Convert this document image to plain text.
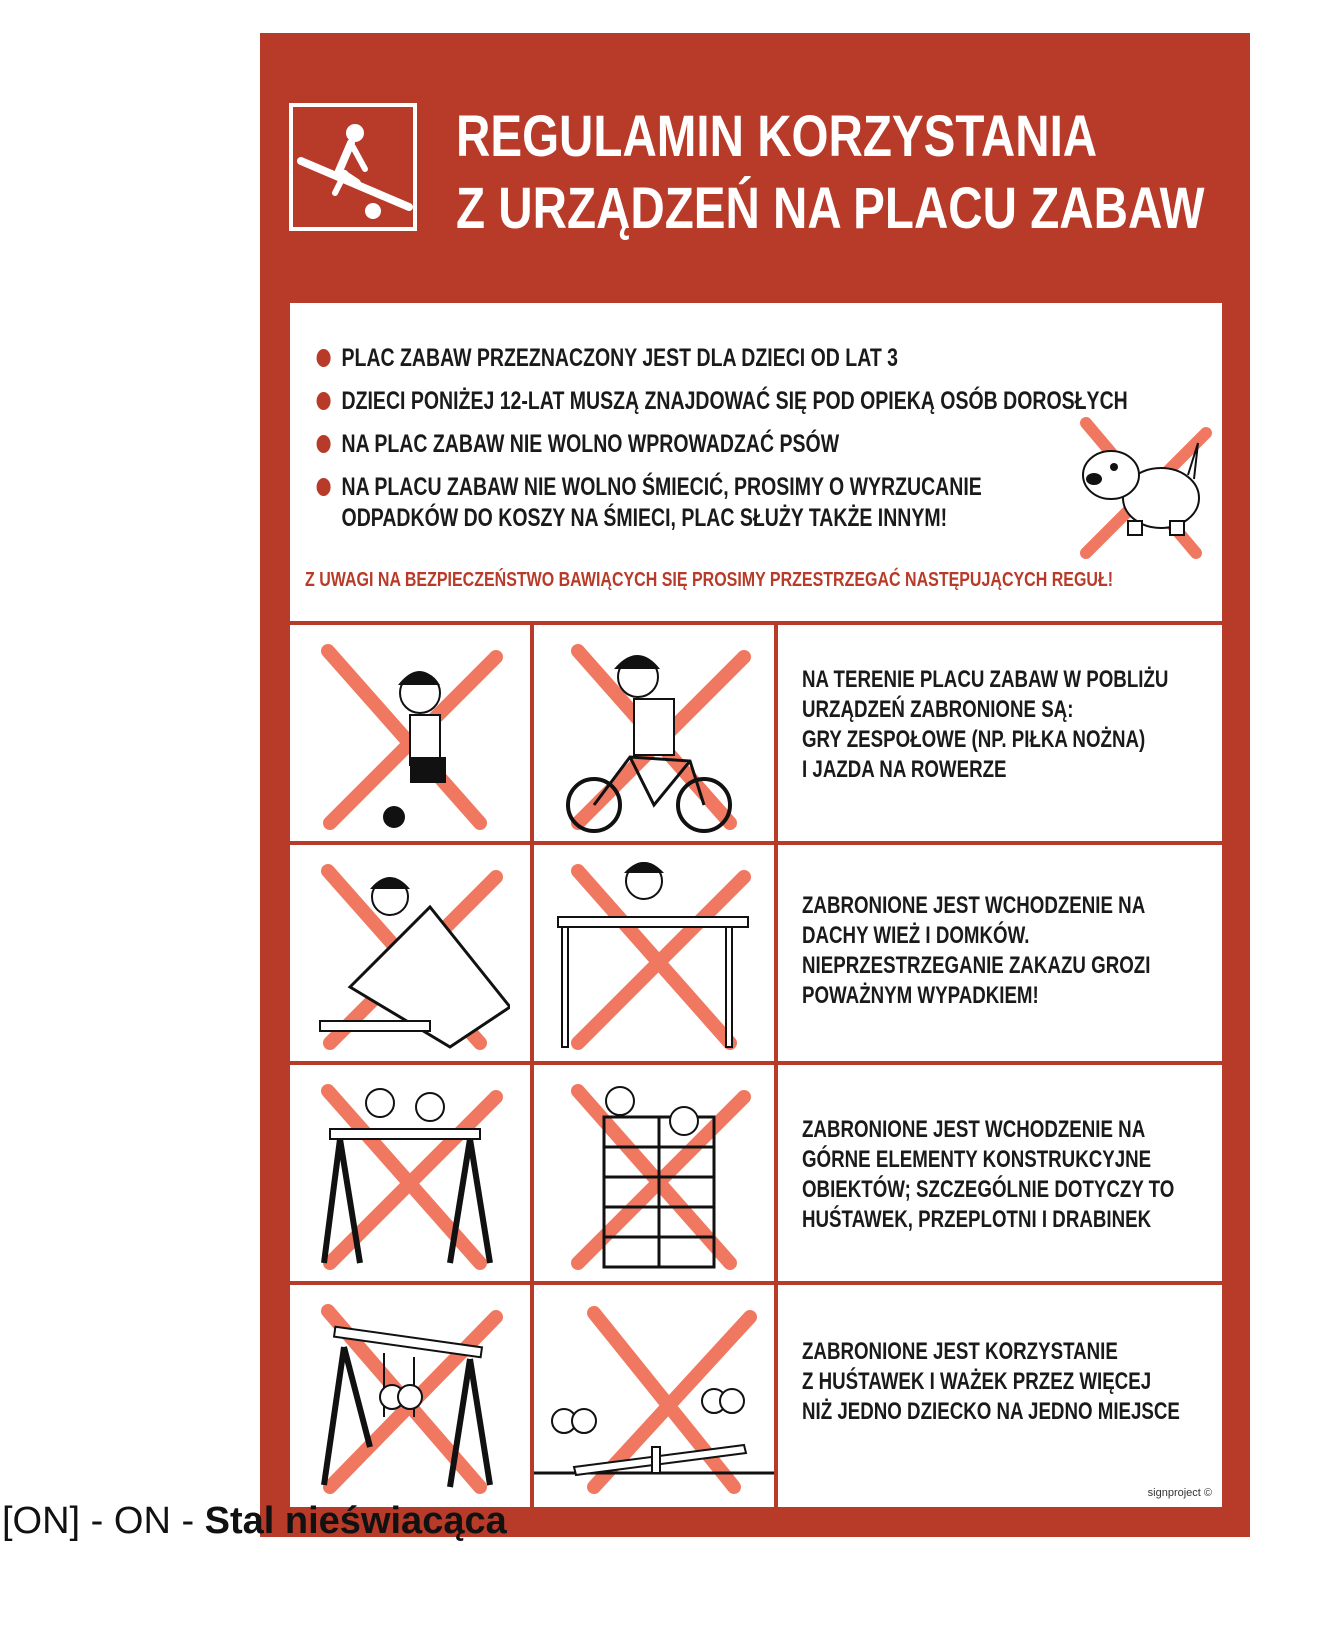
REGULAMIN KORZYSTANIA
Z URZĄDZEŃ NA PLACU ZABAW
PLAC ZABAW PRZEZNACZONY JEST DLA DZIECI OD LAT 3
DZIECI PONIŻEJ 12-LAT MUSZĄ ZNAJDOWAĆ SIĘ POD OPIEKĄ OSÓB DOROSŁYCH
NA PLAC ZABAW NIE WOLNO WPROWADZAĆ PSÓW
NA PLACU ZABAW NIE WOLNO ŚMIECIĆ, PROSIMY O WYRZUCANIE
ODPADKÓW DO KOSZY NA ŚMIECI, PLAC SŁUŻY TAKŻE INNYM!
Z UWAGI NA BEZPIECZEŃSTWO BAWIĄCYCH SIĘ PROSIMY PRZESTRZEGAĆ NASTĘPUJĄCYCH REGUŁ!
NA TERENIE PLACU ZABAW W POBLIŻU
URZĄDZEŃ ZABRONIONE SĄ:
GRY ZESPOŁOWE (NP. PIŁKA NOŻNA)
I JAZDA NA ROWERZE
ZABRONIONE JEST WCHODZENIE NA
DACHY WIEŻ I DOMKÓW.
NIEPRZESTRZEGANIE ZAKAZU GROZI
POWAŻNYM WYPADKIEM!
ZABRONIONE JEST WCHODZENIE NA
GÓRNE ELEMENTY KONSTRUKCYJNE
OBIEKTÓW; SZCZEGÓLNIE DOTYCZY TO
HUŚTAWEK, PRZEPLOTNI I DRABINEK
ZABRONIONE JEST KORZYSTANIE
Z HUŚTAWEK I WAŻEK PRZEZ WIĘCEJ
NIŻ JEDNO DZIECKO NA JEDNO MIEJSCE
signproject ©
[ON] - ON - Stal nieświacąca
